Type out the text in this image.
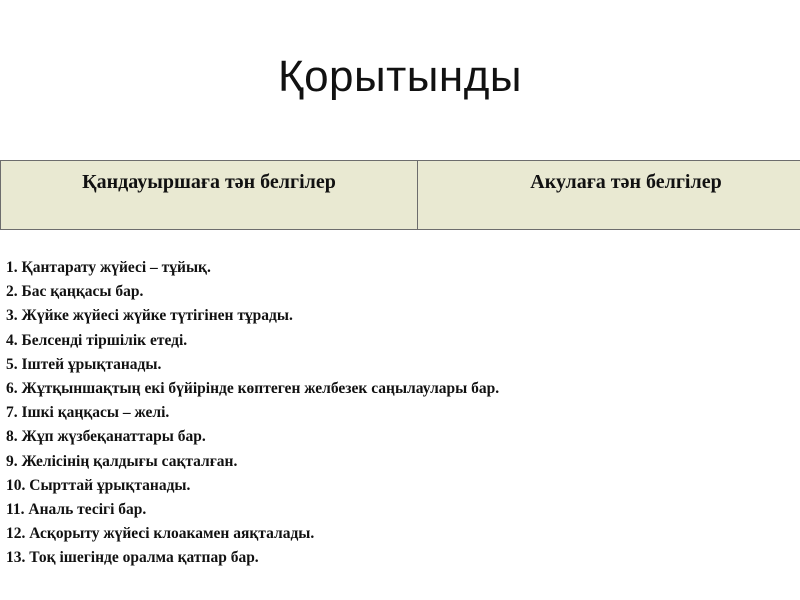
Қорытынды
Қандауыршаға тән белгілер	Акулаға тән белгілер
1. Қантарату жүйесі – тұйық.
2. Бас қаңқасы бар.
3. Жүйке жүйесі жүйке түтігінен тұрады.
4. Белсенді тіршілік етеді.
5. Іштей ұрықтанады.
6. Жұтқыншақтың екі бүйірінде көптеген желбезек саңылаулары бар.
7. Ішкі қаңқасы – желі.
8. Жұп жүзбеқанаттары бар.
9. Желісінің қалдығы сақталған.
10. Сырттай ұрықтанады.
11. Аналь тесігі бар.
12. Асқорыту жүйесі клоакамен аяқталады.
13. Тоқ ішегінде оралма қатпар бар.
